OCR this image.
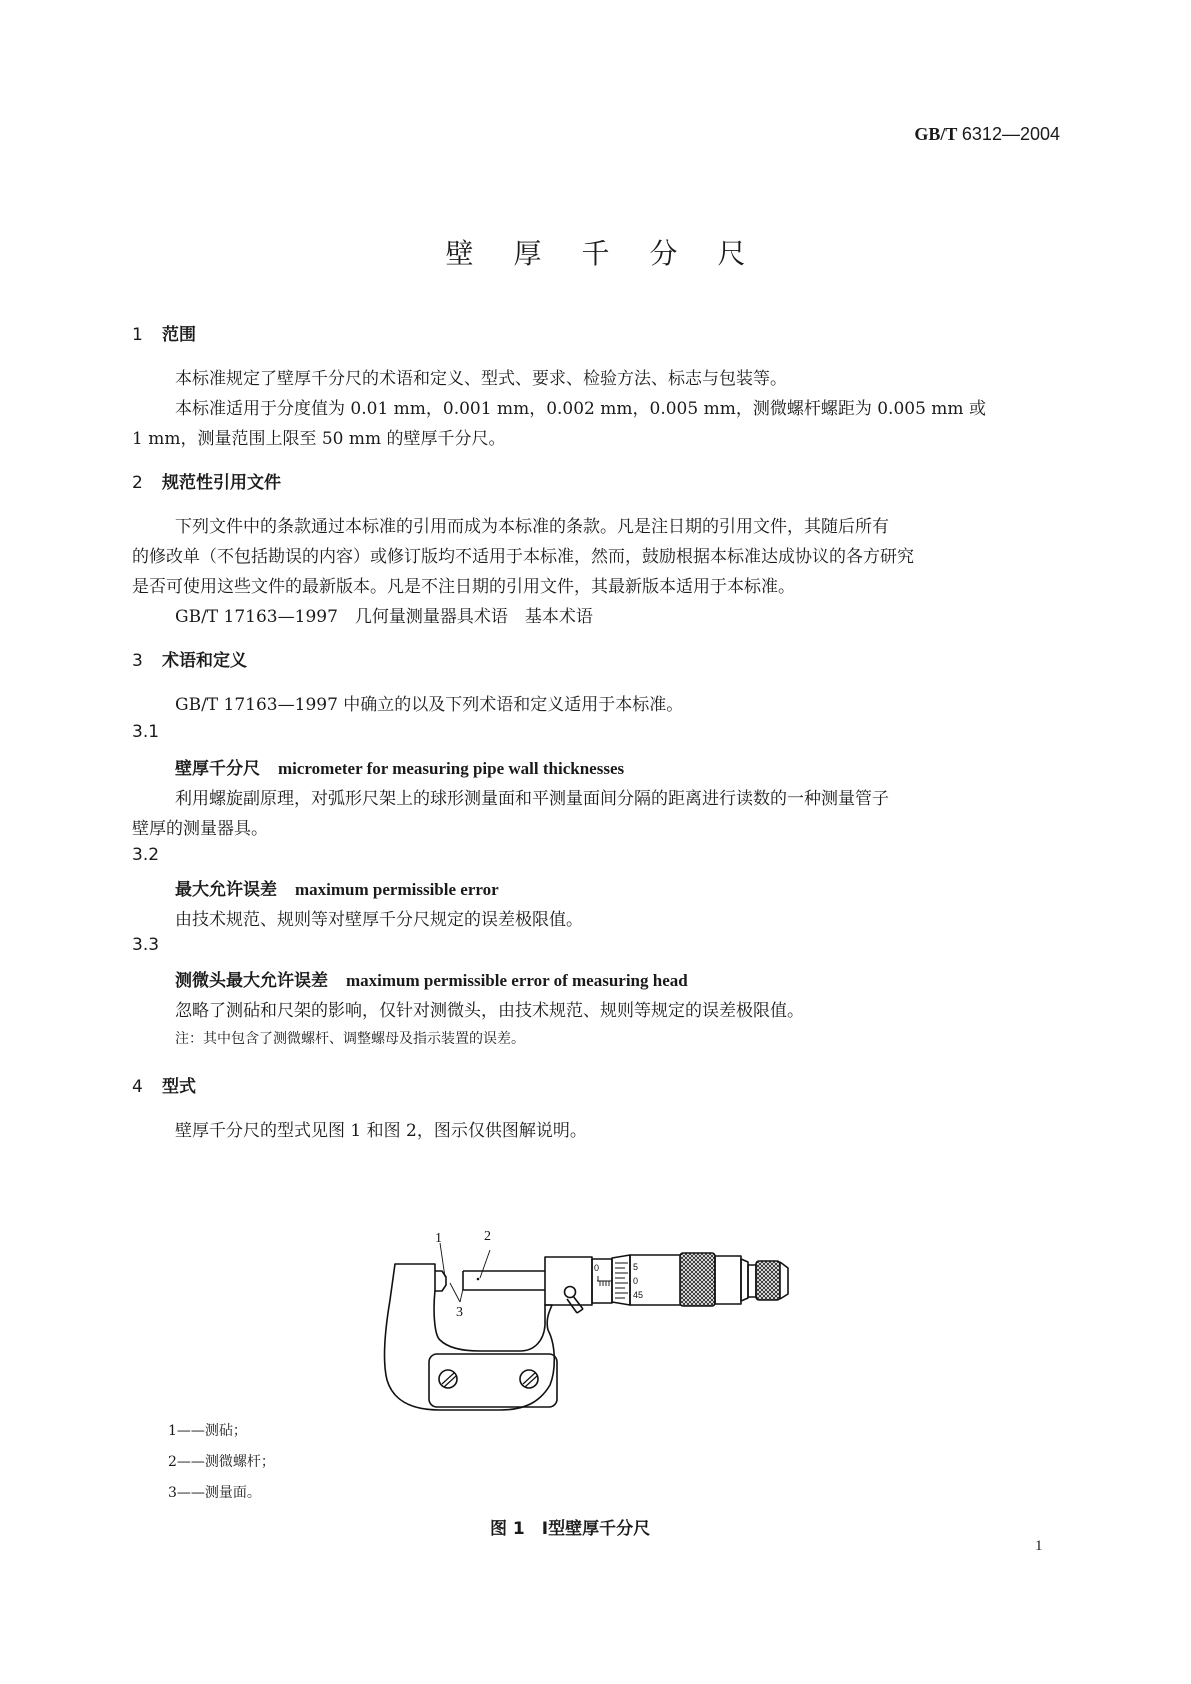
GB/T 6312—2004
壁厚千分尺
1 范围
本标准规定了壁厚千分尺的术语和定义、型式、要求、检验方法、标志与包装等。
本标准适用于分度值为 0.01 mm，0.001 mm，0.002 mm，0.005 mm，测微螺杆螺距为 0.005 mm 或
1 mm，测量范围上限至 50 mm 的壁厚千分尺。
2 规范性引用文件
下列文件中的条款通过本标准的引用而成为本标准的条款。凡是注日期的引用文件，其随后所有
的修改单（不包括勘误的内容）或修订版均不适用于本标准，然而，鼓励根据本标准达成协议的各方研究
是否可使用这些文件的最新版本。凡是不注日期的引用文件，其最新版本适用于本标准。
GB/T 17163—1997　几何量测量器具术语　基本术语
3 术语和定义
GB/T 17163—1997 中确立的以及下列术语和定义适用于本标准。
3.1
壁厚千分尺 micrometer for measuring pipe wall thicknesses
利用螺旋副原理，对弧形尺架上的球形测量面和平测量面间分隔的距离进行读数的一种测量管子
壁厚的测量器具。
3.2
最大允许误差 maximum permissible error
由技术规范、规则等对壁厚千分尺规定的误差极限值。
3.3
测微头最大允许误差 maximum permissible error of measuring head
忽略了测砧和尺架的影响，仅针对测微头，由技术规范、规则等规定的误差极限值。
注：其中包含了测微螺杆、调整螺母及指示装置的误差。
4 型式
壁厚千分尺的型式见图 1 和图 2，图示仅供图解说明。
1	2
3
0	5
0
45
1——测砧；
2——测微螺杆；
3——测量面。
图 1　Ⅰ型壁厚千分尺
1
